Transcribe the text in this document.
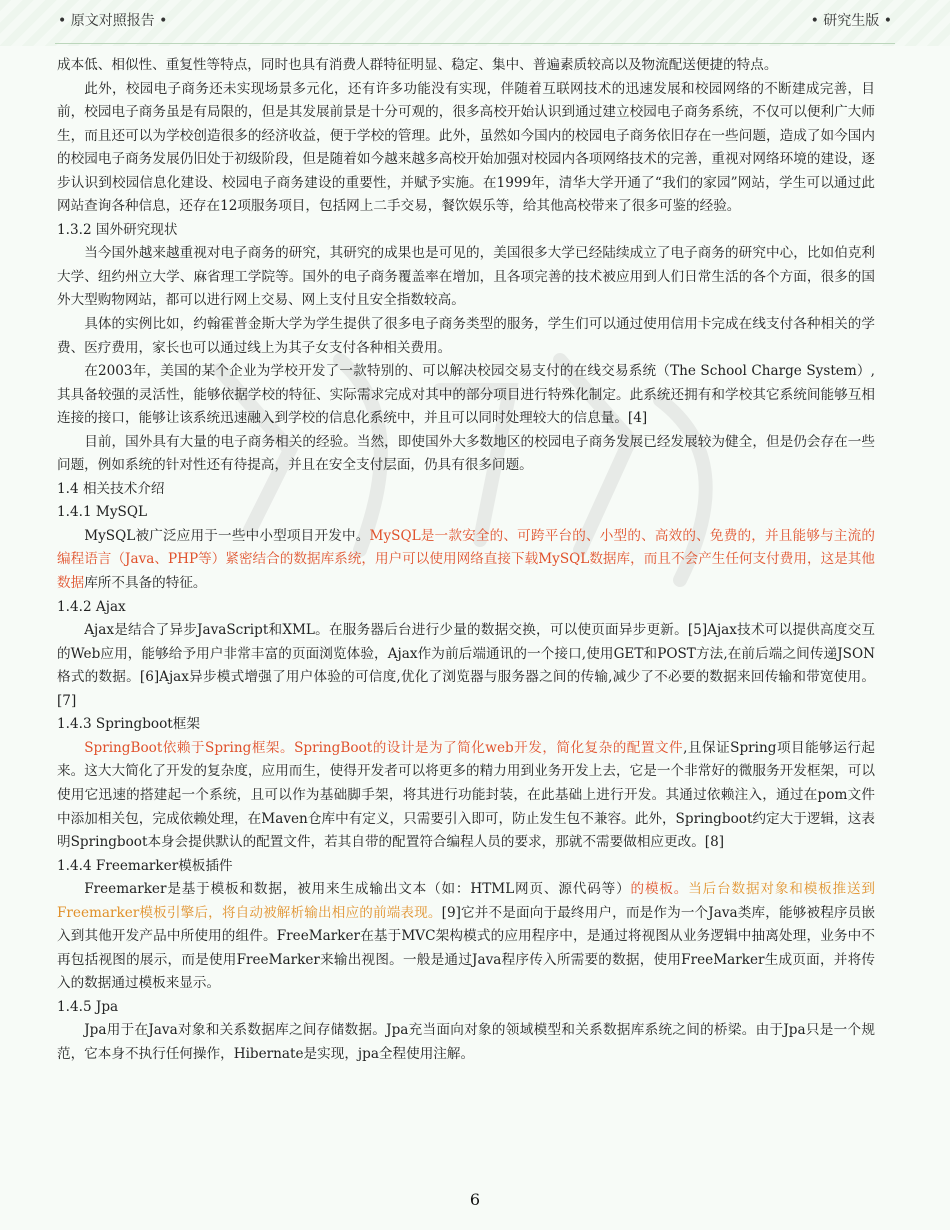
• 原文对照报告 •	• 研究生版 •

成本低、相似性、重复性等特点，同时也具有消费人群特征明显、稳定、集中、普遍素质较高以及物流配送便捷的特点。

此外，校园电子商务还未实现场景多元化，还有许多功能没有实现，伴随着互联网技术的迅速发展和校园网络的不断建成完善，目前，校园电子商务虽是有局限的，但是其发展前景是十分可观的，很多高校开始认识到通过建立校园电子商务系统，不仅可以便利广大师生，而且还可以为学校创造很多的经济收益，便于学校的管理。此外，虽然如今国内的校园电子商务依旧存在一些问题，造成了如今国内的校园电子商务发展仍旧处于初级阶段，但是随着如今越来越多高校开始加强对校园内各项网络技术的完善，重视对网络环境的建设，逐步认识到校园信息化建设、校园电子商务建设的重要性，并赋予实施。在1999年，清华大学开通了“我们的家园”网站，学生可以通过此网站查询各种信息，还存在12项服务项目，包括网上二手交易，餐饮娱乐等，给其他高校带来了很多可鉴的经验。

1.3.2 国外研究现状

当今国外越来越重视对电子商务的研究，其研究的成果也是可见的，美国很多大学已经陆续成立了电子商务的研究中心，比如伯克利大学、纽约州立大学、麻省理工学院等。国外的电子商务覆盖率在增加，且各项完善的技术被应用到人们日常生活的各个方面，很多的国外大型购物网站，都可以进行网上交易、网上支付且安全指数较高。

具体的实例比如，约翰霍普金斯大学为学生提供了很多电子商务类型的服务，学生们可以通过使用信用卡完成在线支付各种相关的学费、医疗费用，家长也可以通过线上为其子女支付各种相关费用。

在2003年，美国的某个企业为学校开发了一款特别的、可以解决校园交易支付的在线交易系统（The School Charge System）,其具备较强的灵活性，能够依据学校的特征、实际需求完成对其中的部分项目进行特殊化制定。此系统还拥有和学校其它系统间能够互相连接的接口，能够让该系统迅速融入到学校的信息化系统中，并且可以同时处理较大的信息量。[4]

目前，国外具有大量的电子商务相关的经验。当然，即使国外大多数地区的校园电子商务发展已经发展较为健全，但是仍会存在一些问题，例如系统的针对性还有待提高，并且在安全支付层面，仍具有很多问题。

1.4 相关技术介绍

1.4.1 MySQL

MySQL被广泛应用于一些中小型项目开发中。MySQL是一款安全的、可跨平台的、小型的、高效的、免费的，并且能够与主流的编程语言（Java、PHP等）紧密结合的数据库系统，用户可以使用网络直接下载MySQL数据库，而且不会产生任何支付费用，这是其他数据库所不具备的特征。

1.4.2 Ajax

Ajax是结合了异步JavaScript和XML。在服务器后台进行少量的数据交换，可以使页面异步更新。[5]Ajax技术可以提供高度交互的Web应用，能够给予用户非常丰富的页面浏览体验，Ajax作为前后端通讯的一个接口,使用GET和POST方法,在前后端之间传递JSON格式的数据。[6]Ajax异步模式增强了用户体验的可信度,优化了浏览器与服务器之间的传输,减少了不必要的数据来回传输和带宽使用。[7]

1.4.3 Springboot框架

SpringBoot依赖于Spring框架。SpringBoot的设计是为了简化web开发，简化复杂的配置文件,且保证Spring项目能够运行起来。这大大简化了开发的复杂度，应用而生，使得开发者可以将更多的精力用到业务开发上去，它是一个非常好的微服务开发框架，可以使用它迅速的搭建起一个系统，且可以作为基础脚手架，将其进行功能封装，在此基础上进行开发。其通过依赖注入，通过在pom文件中添加相关包，完成依赖处理，在Maven仓库中有定义，只需要引入即可，防止发生包不兼容。此外，Springboot约定大于逻辑，这表明Springboot本身会提供默认的配置文件，若其自带的配置符合编程人员的要求，那就不需要做相应更改。[8]

1.4.4 Freemarker模板插件

Freemarker是基于模板和数据，被用来生成输出文本（如：HTML网页、源代码等）的模板。当后台数据对象和模板推送到Freemarker模板引擎后，将自动被解析输出相应的前端表现。[9]它并不是面向于最终用户，而是作为一个Java类库，能够被程序员嵌入到其他开发产品中所使用的组件。FreeMarker在基于MVC架构模式的应用程序中，是通过将视图从业务逻辑中抽离处理，业务中不再包括视图的展示，而是使用FreeMarker来输出视图。一般是通过Java程序传入所需要的数据，使用FreeMarker生成页面，并将传入的数据通过模板来显示。

1.4.5 Jpa

Jpa用于在Java对象和关系数据库之间存储数据。Jpa充当面向对象的领域模型和关系数据库系统之间的桥梁。由于Jpa只是一个规范，它本身不执行任何操作，Hibernate是实现，jpa全程使用注解。

6
